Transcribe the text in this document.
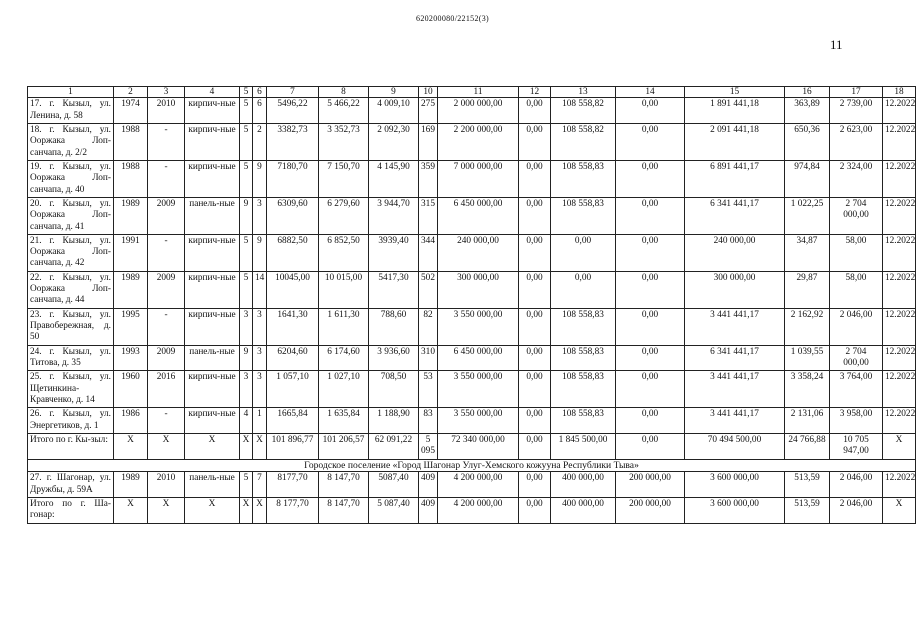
620200080/22152(3)
11
1	2	3	4	5	6	7	8	9	10	11	12	13	14	15	16	17	18
17. г. Кызыл, ул. Ленина, д. 58	1974	2010	кирпич-ные	5	6	5496,22	5 466,22	4 009,10	275	2 000 000,00	0,00	108 558,82	0,00	1 891 441,18	363,89	2 739,00	12.2022
18. г. Кызыл, ул. Ооржака Лоп-санчапа, д. 2/2	1988	-	кирпич-ные	5	2	3382,73	3 352,73	2 092,30	169	2 200 000,00	0,00	108 558,82	0,00	2 091 441,18	650,36	2 623,00	12.2022
19. г. Кызыл, ул. Ооржака Лоп-санчапа, д. 40	1988	-	кирпич-ные	5	9	7180,70	7 150,70	4 145,90	359	7 000 000,00	0,00	108 558,83	0,00	6 891 441,17	974,84	2 324,00	12.2022
20. г. Кызыл, ул. Ооржака Лоп-санчапа, д. 41	1989	2009	панель-ные	9	3	6309,60	6 279,60	3 944,70	315	6 450 000,00	0,00	108 558,83	0,00	6 341 441,17	1 022,25	2 704 000,00	12.2022
21. г. Кызыл, ул. Ооржака Лоп-санчапа, д. 42	1991	-	кирпич-ные	5	9	6882,50	6 852,50	3939,40	344	240 000,00	0,00	0,00	0,00	240 000,00	34,87	58,00	12.2022
22. г. Кызыл, ул. Ооржака Лоп-санчапа, д. 44	1989	2009	кирпич-ные	5	14	10045,00	10 015,00	5417,30	502	300 000,00	0,00	0,00	0,00	300 000,00	29,87	58,00	12.2022
23. г. Кызыл, ул. Правобережная, д. 50	1995	-	кирпич-ные	3	3	1641,30	1 611,30	788,60	82	3 550 000,00	0,00	108 558,83	0,00	3 441 441,17	2 162,92	2 046,00	12.2022
24. г. Кызыл, ул. Титова, д. 35	1993	2009	панель-ные	9	3	6204,60	6 174,60	3 936,60	310	6 450 000,00	0,00	108 558,83	0,00	6 341 441,17	1 039,55	2 704 000,00	12.2022
25. г. Кызыл, ул. Щетинкина-Кравченко, д. 14	1960	2016	кирпич-ные	3	3	1 057,10	1 027,10	708,50	53	3 550 000,00	0,00	108 558,83	0,00	3 441 441,17	3 358,24	3 764,00	12.2022
26. г. Кызыл, ул. Энергетиков, д. 1	1986	-	кирпич-ные	4	1	1665,84	1 635,84	1 188,90	83	3 550 000,00	0,00	108 558,83	0,00	3 441 441,17	2 131,06	3 958,00	12.2022
Итого по г. Кы-зыл:	X	X	X	X	X	101 896,77	101 206,57	62 091,22	5 095	72 340 000,00	0,00	1 845 500,00	0,00	70 494 500,00	24 766,88	10 705 947,00	X
Городское поселение «Город Шагонар Улуг-Хемского кожууна Республики Тыва»																	
27. г. Шагонар, ул. Дружбы, д. 59А	1989	2010	панель-ные	5	7	8177,70	8 147,70	5087,40	409	4 200 000,00	0,00	400 000,00	200 000,00	3 600 000,00	513,59	2 046,00	12.2022
Итого по г. Ша-гонар:	X	X	X	X	X	8 177,70	8 147,70	5 087,40	409	4 200 000,00	0,00	400 000,00	200 000,00	3 600 000,00	513,59	2 046,00	X
